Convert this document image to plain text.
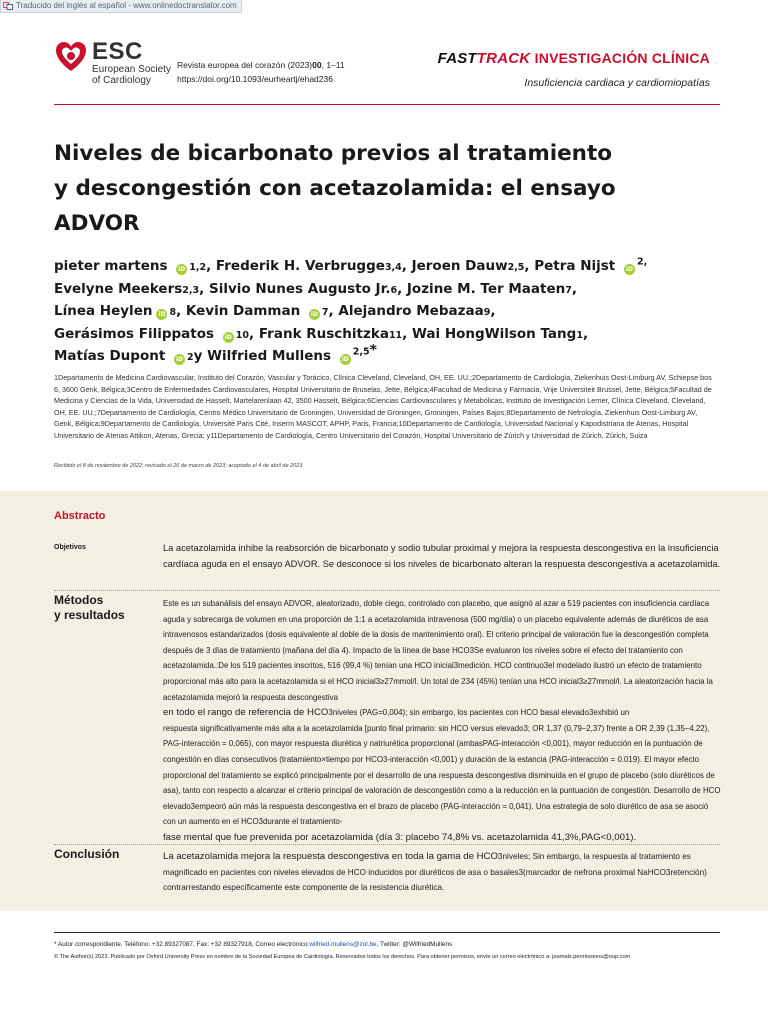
Traducido del inglés al español - www.onlinedoctranslator.com
ESC
European Society
of Cardiology
Revista europea del corazón (2023)00, 1–11
https://doi.org/10.1093/eurheartj/ehad236
FASTTRACK INVESTIGACIÓN CLÍNICA
Insuficiencia cardiaca y cardiomiopatías
Niveles de bicarbonato previos al tratamiento
y descongestión con acetazolamida: el ensayo
ADVOR
pieter martens iD 1,2, Frederik H. Verbrugge3,4, Jeroen Dauw2,5, Petra Nijst iD$^{2,}$
Evelyne Meekers2,3, Silvio Nunes Augusto Jr.6, Jozine M. Ter Maaten7,
Línea Heylen iD 8, Kevin Damman iD 7, Alejandro Mebazaa9,
Gerásimos Filippatos iD 10, Frank Ruschitzka11, Wai HongWilson Tang1,
Matías Dupont iD 2y Wilfried Mullens iD$^{2,5}$*
1Departamento de Medicina Cardiovascular, Instituto del Corazón, Vascular y Torácico, Clínica Cleveland, Cleveland, OH, EE. UU.;2Departamento de Cardiología, Ziekenhuis Oost-Limburg AV, Schiepse bos 6, 3600 Genk, Bélgica;3Centro de Enfermedades Cardiovasculares, Hospital Universitario de Bruselas, Jette, Bélgica;4Facultad de Medicina y Farmacia, Vrije Universiteit Brussel, Jette, Bélgica;5Facultad de Medicina y Ciencias de la Vida, Universidad de Hasselt, Martelarenlaan 42, 3500 Hasselt, Bélgica;6Ciencias Cardiovasculares y Metabólicas, Instituto de Investigación Lerner, Clínica Cleveland, Cleveland, OH, EE. UU.;7Departamento de Cardiología, Centro Médico Universitario de Groningen, Universidad de Groningen, Groningen, Países Bajos;8Departamento de Nefrología, Ziekenhuis Oost-Limburg AV, Genk, Bélgica;9Departamento de Cardiología, Université Paris Cité, Inserm MASCOT, APHP, Paris, Francia;10Departamento de Cardiología, Universidad Nacional y Kapodistriana de Atenas, Hospital Universitario de Atenas Attikon, Atenas, Grecia; y11Departamento de Cardiología, Centro Universitario del Corazón, Hospital Universitario de Zúrich y Universidad de Zúrich, Zúrich, Suiza
Recibido el 8 de noviembre de 2022; revisado el 26 de marzo de 2023; aceptado el 4 de abril de 2023
Abstracto
Objetivos	La acetazolamida inhibe la reabsorción de bicarbonato y sodio tubular proximal y mejora la respuesta descongestiva en la insuficiencia cardíaca aguda en el ensayo ADVOR. Se desconoce si los niveles de bicarbonato alteran la respuesta descongestiva a acetazolamida.
Métodos
y resultados
Este es un subanálisis del ensayo ADVOR, aleatorizado, doble ciego, controlado con placebo, que asignó al azar a 519 pacientes con insuficiencia cardíaca aguda y sobrecarga de volumen en una proporción de 1:1 a acetazolamida intravenosa (500 mg/día) o un placebo equivalente además de diuréticos de asa intravenosos estandarizados (dosis equivalente al doble de la dosis de mantenimiento oral). El criterio principal de valoración fue la descongestión completa después de 3 días de tratamiento (mañana del día 4). Impacto de la línea de base HCO3Se evaluaron los niveles sobre el efecto del tratamiento con acetazolamida.:De los 519 pacientes inscritos, 516 (99,4 %) tenían una HCO inicial3medición. HCO continuo3el modelado ilustró un efecto de tratamiento proporcional más alto para la acetazolamida si el HCO inicial3≥27mmol/l. Un total de 234 (45%) tenían una HCO inicial3≥27mmol/l. La aleatorización hacia la acetazolamida mejoró la respuesta descongestiva
en todo el rango de referencia de HCO3niveles (PAG=0,004); sin embargo, los pacientes con HCO basal elevado3exhibió un
respuesta significativamente más alta a la acetazolamida [punto final primario: sin HCO versus elevado3; OR 1,37 (0,79–2,37) frente a OR 2,39 (1,35–4,22), PAG-interacción = 0,065), con mayor respuesta diurética y natriurética proporcional (ambasPAG-interacción <0,001), mayor reducción en la puntuación de congestión en días consecutivos (tratamiento×tiempo por HCO3-interacción <0,001) y duración de la estancia (PAG-interacción = 0.019). El mayor efecto proporcional del tratamiento se explicó principalmente por el desarrollo de una respuesta descongestiva disminuida en el grupo de placebo (solo diuréticos de asa), tanto con respecto a alcanzar el criterio principal de valoración de descongestión como a la reducción en la puntuación de congestión. Desarrollo de HCO elevado3empeoró aún más la respuesta descongestiva en el brazo de placebo (PAG-interacción = 0,041). Una estrategia de solo diurético de asa se asoció con un aumento en el HCO3durante el tratamiento-
fase mental que fue prevenida por acetazolamida (día 3: placebo 74,8% vs. acetazolamida 41,3%,PAG<0,001).
Conclusión	La acetazolamida mejora la respuesta descongestiva en toda la gama de HCO3niveles; Sin embargo, la respuesta al tratamiento es magnificado en pacientes con niveles elevados de HCO inducidos por diuréticos de asa o basales3(marcador de nefrona proximal NaHCO3retención) contrarrestando específicamente este componente de la resistencia diurética.
* Autor correspondiente. Teléfono: +32 89327087, Fax: +32 89327918, Correo electrónico:wilfried.mullens@zol.be, Twitter: @WilfriedMullens
© The Author(s) 2023. Publicado por Oxford University Press en nombre de la Sociedad Europea de Cardiología. Reservados todos los derechos. Para obtener permisos, envíe un correo electrónico a: journals.permissions@oup.com
